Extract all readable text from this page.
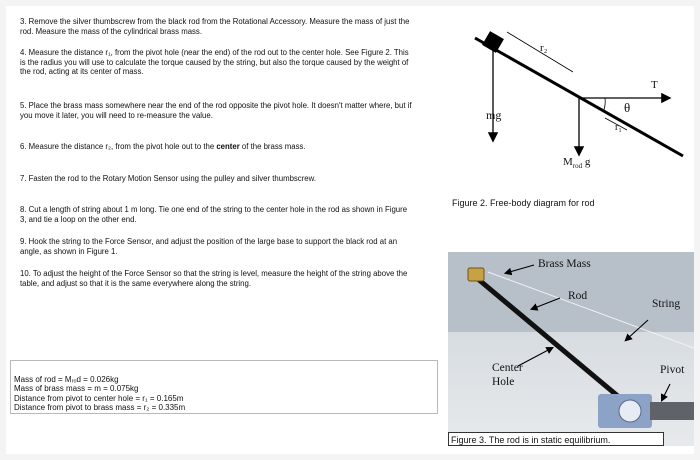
3. Remove the silver thumbscrew from the black rod from the Rotational Accessory. Measure the mass of just the rod. Measure the mass of the cylindrical brass mass.
4. Measure the distance r₁, from the pivot hole (near the end) of the rod out to the center hole. See Figure 2. This is the radius you will use to calculate the torque caused by the string, but also the torque caused by the weight of the rod, acting at its center of mass.
5. Place the brass mass somewhere near the end of the rod opposite the pivot hole. It doesn't matter where, but if you move it later, you will need to re-measure the value.
6. Measure the distance r₂, from the pivot hole out to the center of the brass mass.
7. Fasten the rod to the Rotary Motion Sensor using the pulley and silver thumbscrew.
8. Cut a length of string about 1 m long. Tie one end of the string to the center hole in the rod as shown in Figure 3, and tie a loop on the other end.
9. Hook the string to the Force Sensor, and adjust the position of the large base to support the black rod at an angle, as shown in Figure 1.
10. To adjust the height of the Force Sensor so that the string is level, measure the height of the string above the table, and adjust so that it is the same everywhere along the string.
Mass of rod = Mᵣₒd = 0.026kg
Mass of brass mass = m = 0.075kg
Distance from pivot to center hole = r₁ = 0.165m
Distance from pivot to brass mass = r₂ = 0.335m
r₂
mg
T
θ
r₁
$M_{rod}$ g
Figure 2. Free-body diagram for rod
Brass Mass
Rod
String
Center
Hole
Pivot
Figure 3. The rod is in static equilibrium.
